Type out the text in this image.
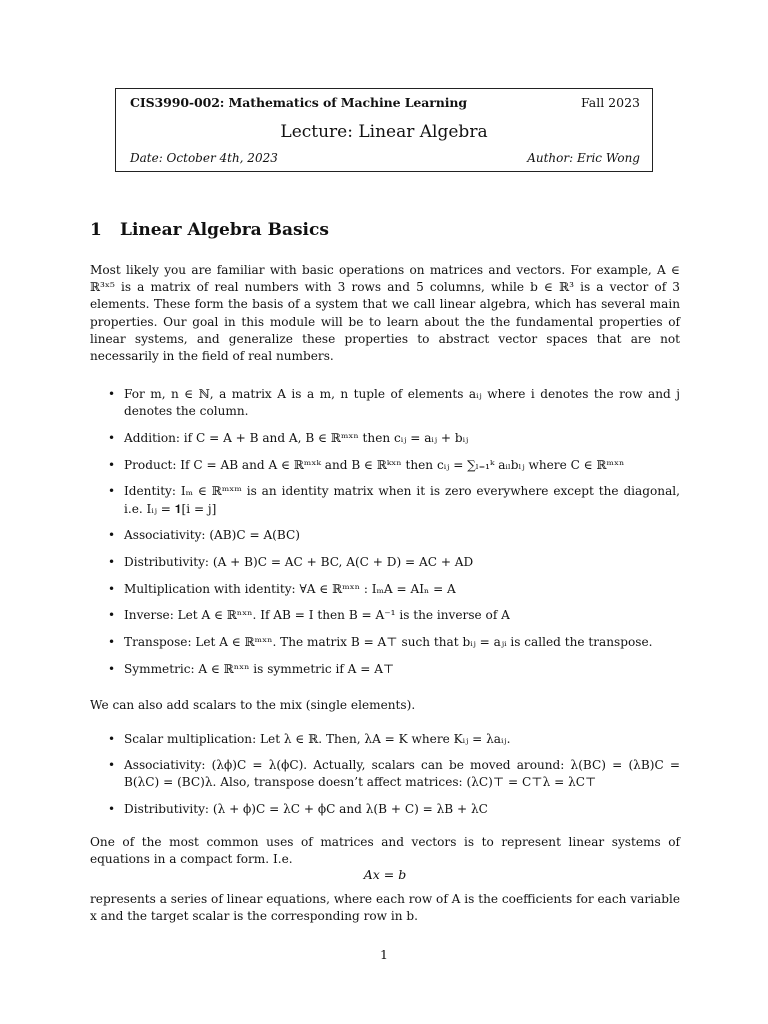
CIS3990-002: Mathematics of Machine Learning	Fall 2023
Lecture: Linear Algebra
Date: October 4th, 2023	Author: Eric Wong
1 Linear Algebra Basics
Most likely you are familiar with basic operations on matrices and vectors. For example, A ∈ ℝ³ˣ⁵ is a matrix of real numbers with 3 rows and 5 columns, while b ∈ ℝ³ is a vector of 3 elements. These form the basis of a system that we call linear algebra, which has several main properties. Our goal in this module will be to learn about the the fundamental properties of linear systems, and generalize these properties to abstract vector spaces that are not necessarily in the field of real numbers.
• For m, n ∈ ℕ, a matrix A is a m, n tuple of elements aᵢⱼ where i denotes the row and j denotes the column.
• Addition: if C = A + B and A, B ∈ ℝᵐˣⁿ then cᵢⱼ = aᵢⱼ + bᵢⱼ
• Product: If C = AB and A ∈ ℝᵐˣᵏ and B ∈ ℝᵏˣⁿ then cᵢⱼ = ∑ₗ₌₁ᵏ aᵢₗbₗⱼ where C ∈ ℝᵐˣⁿ
• Identity: Iₘ ∈ ℝᵐˣᵐ is an identity matrix when it is zero everywhere except the diagonal, i.e. Iᵢⱼ = 𝟏[i = j]
• Associativity: (AB)C = A(BC)
• Distributivity: (A + B)C = AC + BC, A(C + D) = AC + AD
• Multiplication with identity: ∀A ∈ ℝᵐˣⁿ : IₘA = AIₙ = A
• Inverse: Let A ∈ ℝⁿˣⁿ. If AB = I then B = A⁻¹ is the inverse of A
• Transpose: Let A ∈ ℝᵐˣⁿ. The matrix B = A⊤ such that bᵢⱼ = aⱼᵢ is called the transpose.
• Symmetric: A ∈ ℝⁿˣⁿ is symmetric if A = A⊤
We can also add scalars to the mix (single elements).
• Scalar multiplication: Let λ ∈ ℝ. Then, λA = K where Kᵢⱼ = λaᵢⱼ.
• Associativity: (λϕ)C = λ(ϕC). Actually, scalars can be moved around: λ(BC) = (λB)C = B(λC) = (BC)λ. Also, transpose doesn’t affect matrices: (λC)⊤ = C⊤λ = λC⊤
• Distributivity: (λ + ϕ)C = λC + ϕC and λ(B + C) = λB + λC
One of the most common uses of matrices and vectors is to represent linear systems of equations in a compact form. I.e.
Ax = b
represents a series of linear equations, where each row of A is the coefficients for each variable x and the target scalar is the corresponding row in b.
1
